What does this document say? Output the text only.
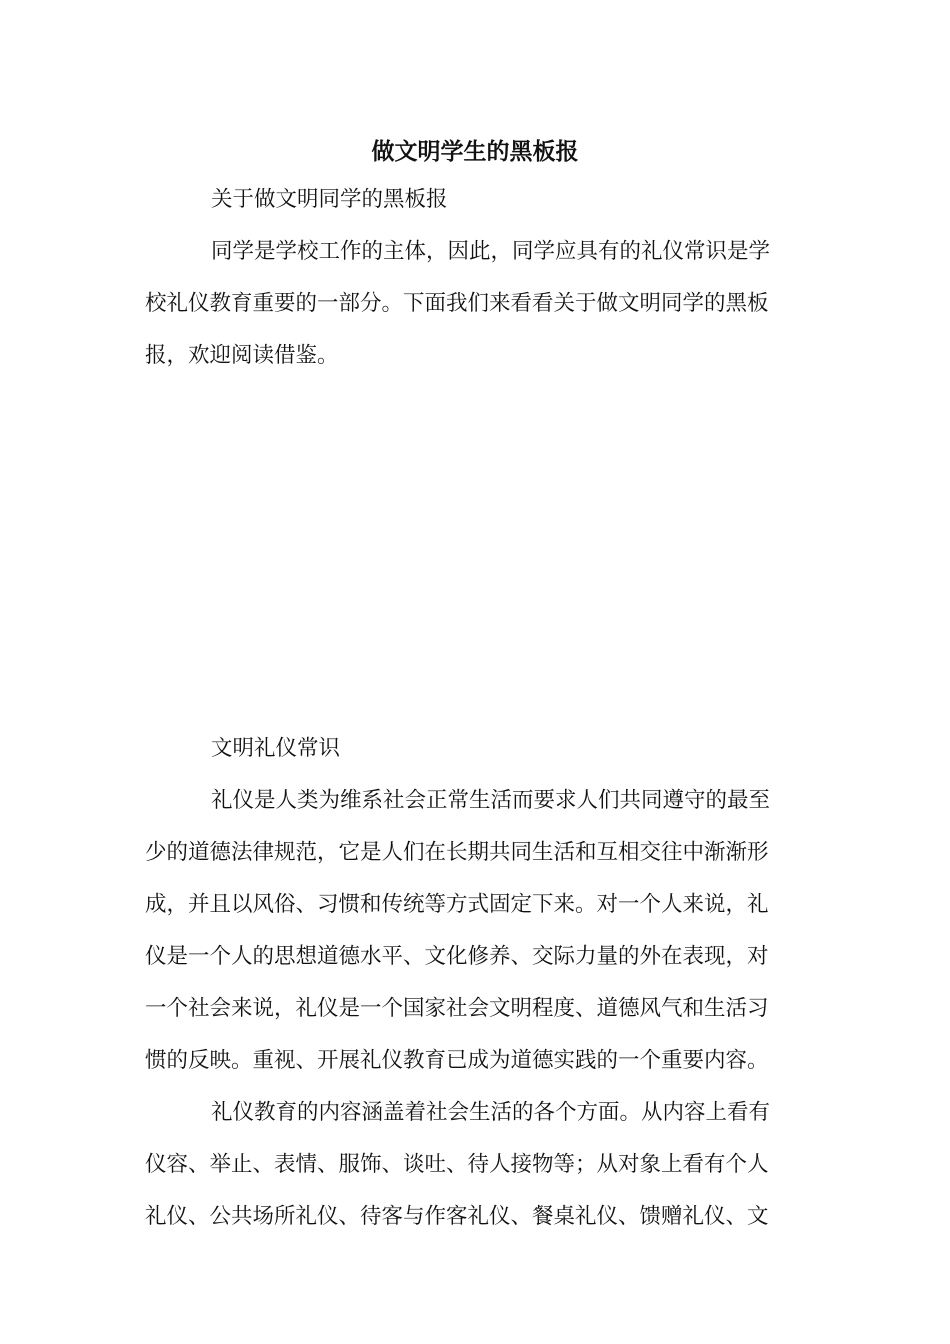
做文明学生的黑板报
关于做文明同学的黑板报
同学是学校工作的主体，因此，同学应具有的礼仪常识是学
校礼仪教育重要的一部分。下面我们来看看关于做文明同学的黑板
报，欢迎阅读借鉴。
文明礼仪常识
礼仪是人类为维系社会正常生活而要求人们共同遵守的最至
少的道德法律规范，它是人们在长期共同生活和互相交往中渐渐形
成，并且以风俗、习惯和传统等方式固定下来。对一个人来说，礼
仪是一个人的思想道德水平、文化修养、交际力量的外在表现，对
一个社会来说，礼仪是一个国家社会文明程度、道德风气和生活习
惯的反映。重视、开展礼仪教育已成为道德实践的一个重要内容。
礼仪教育的内容涵盖着社会生活的各个方面。从内容上看有
仪容、举止、表情、服饰、谈吐、待人接物等；从对象上看有个人
礼仪、公共场所礼仪、待客与作客礼仪、餐桌礼仪、馈赠礼仪、文
